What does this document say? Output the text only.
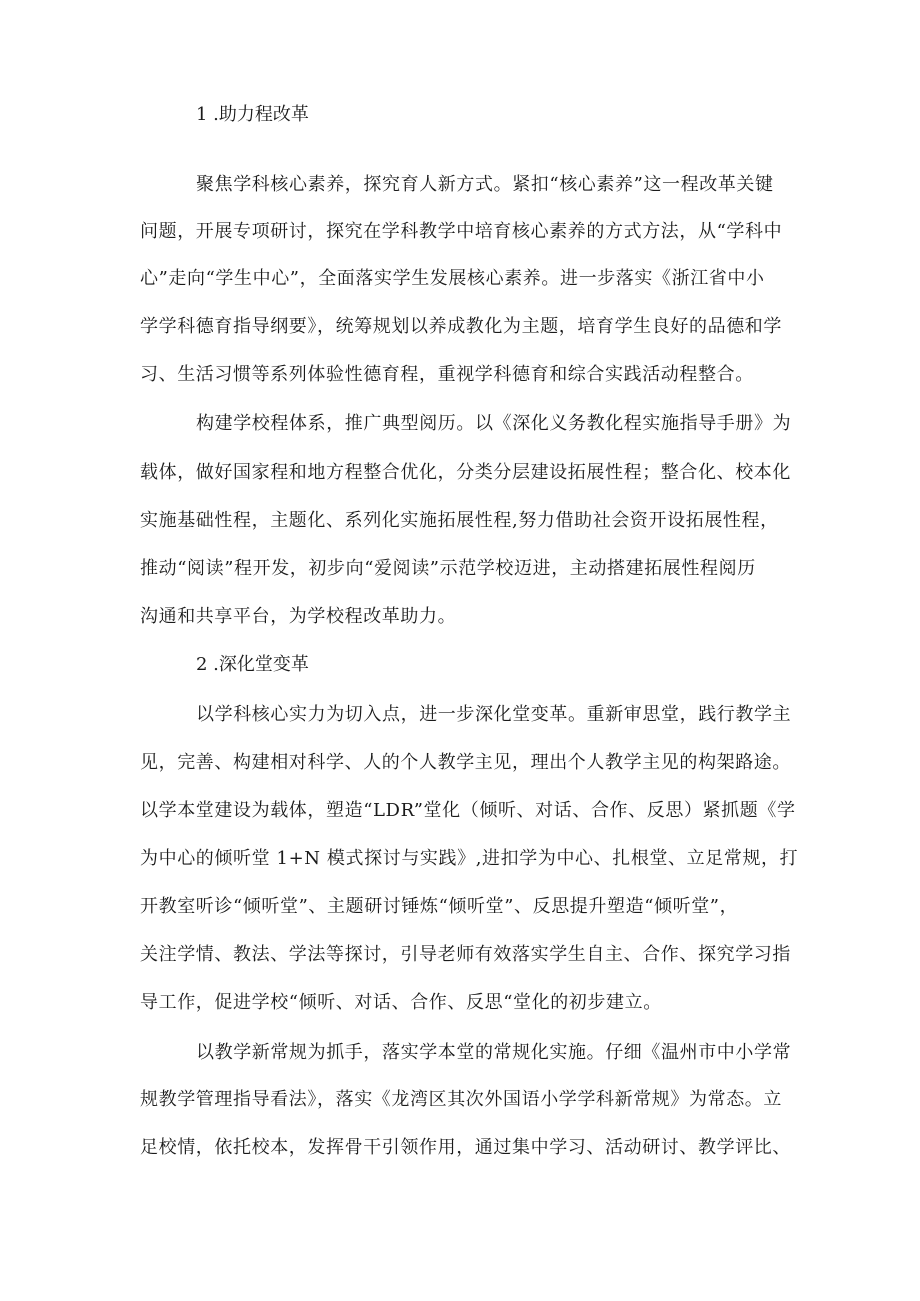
1 .助力程改革
聚焦学科核心素养，探究育人新方式。紧扣“核心素养”这一程改革关键
问题，开展专项研讨，探究在学科教学中培育核心素养的方式方法，从“学科中
心”走向“学生中心”，全面落实学生发展核心素养。进一步落实《浙江省中小
学学科德育指导纲要》，统筹规划以养成教化为主题，培育学生良好的品德和学
习、生活习惯等系列体验性德育程，重视学科德育和综合实践活动程整合。
构建学校程体系，推广典型阅历。以《深化义务教化程实施指导手册》为
载体，做好国家程和地方程整合优化，分类分层建设拓展性程；整合化、校本化
实施基础性程，主题化、系列化实施拓展性程,努力借助社会资开设拓展性程，
推动“阅读”程开发，初步向“爱阅读”示范学校迈进，主动搭建拓展性程阅历
沟通和共享平台，为学校程改革助力。
2 .深化堂变革
以学科核心实力为切入点，进一步深化堂变革。重新审思堂，践行教学主
见，完善、构建相对科学、人的个人教学主见，理出个人教学主见的构架路途。
以学本堂建设为载体，塑造“LDR”堂化（倾听、对话、合作、反思）紧抓题《学
为中心的倾听堂 1+N 模式探讨与实践》,进扣学为中心、扎根堂、立足常规，打
开教室听诊“倾听堂”、主题研讨锤炼“倾听堂”、反思提升塑造“倾听堂”，
关注学情、教法、学法等探讨，引导老师有效落实学生自主、合作、探究学习指
导工作，促进学校“倾听、对话、合作、反思“堂化的初步建立。
以教学新常规为抓手，落实学本堂的常规化实施。仔细《温州市中小学常
规教学管理指导看法》，落实《龙湾区其次外国语小学学科新常规》为常态。立
足校情，依托校本，发挥骨干引领作用，通过集中学习、活动研讨、教学评比、
